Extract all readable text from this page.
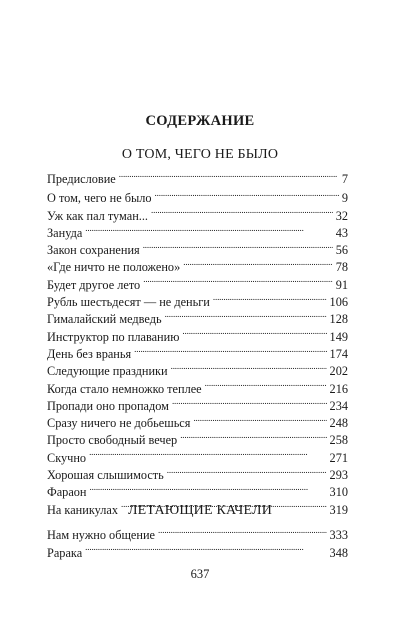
СОДЕРЖАНИЕ
О ТОМ, ЧЕГО НЕ БЫЛО
Предисловие . . .	7
О том, чего не было . . .	9
Уж как пал туман... . . .	32
Зануда . . .	43
Закон сохранения . . .	56
«Где ничто не положено» . . .	78
Будет другое лето . . .	91
Рубль шестьдесят — не деньги . . .	106
Гималайский медведь . . .	128
Инструктор по плаванию . . .	149
День без вранья . . .	174
Следующие праздники . . .	202
Когда стало немножко теплее . . .	216
Пропади оно пропадом . . .	234
Сразу ничего не добьешься . . .	248
Просто свободный вечер . . .	258
Скучно . . .	271
Хорошая слышимость . . .	293
Фараон . . .	310
На каникулах . . .	319
ЛЕТАЮЩИЕ КАЧЕЛИ
Нам нужно общение . . .	333
Рарака . . .	348
637
